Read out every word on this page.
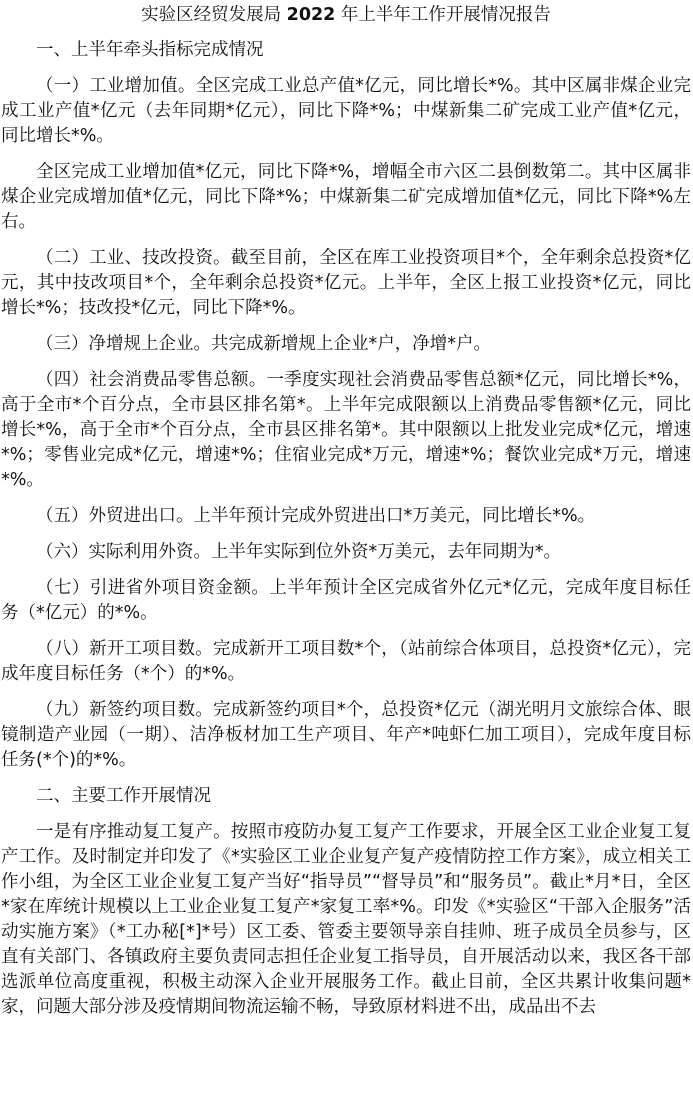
实验区经贸发展局 2022 年上半年工作开展情况报告
一、上半年牵头指标完成情况
（一）工业增加值。全区完成工业总产值*亿元，同比增长*%。其中区属非煤企业完成工业产值*亿元（去年同期*亿元），同比下降*%；中煤新集二矿完成工业产值*亿元，同比增长*%。
全区完成工业增加值*亿元，同比下降*%，增幅全市六区二县倒数第二。其中区属非煤企业完成增加值*亿元，同比下降*%；中煤新集二矿完成增加值*亿元，同比下降*%左右。
（二）工业、技改投资。截至目前，全区在库工业投资项目*个，全年剩余总投资*亿元，其中技改项目*个，全年剩余总投资*亿元。上半年，全区上报工业投资*亿元，同比增长*%；技改投*亿元，同比下降*%。
（三）净增规上企业。共完成新增规上企业*户，净增*户。
（四）社会消费品零售总额。一季度实现社会消费品零售总额*亿元，同比增长*%，高于全市*个百分点，全市县区排名第*。上半年完成限额以上消费品零售额*亿元，同比增长*%，高于全市*个百分点，全市县区排名第*。其中限额以上批发业完成*亿元，增速*%；零售业完成*亿元，增速*%；住宿业完成*万元，增速*%；餐饮业完成*万元，增速*%。
（五）外贸进出口。上半年预计完成外贸进出口*万美元，同比增长*%。
（六）实际利用外资。上半年实际到位外资*万美元，去年同期为*。
（七）引进省外项目资金额。上半年预计全区完成省外亿元*亿元，完成年度目标任务（*亿元）的*%。
（八）新开工项目数。完成新开工项目数*个，（站前综合体项目，总投资*亿元），完成年度目标任务（*个）的*%。
（九）新签约项目数。完成新签约项目*个，总投资*亿元（湖光明月文旅综合体、眼镜制造产业园（一期）、洁净板材加工生产项目、年产*吨虾仁加工项目），完成年度目标任务(*个)的*%。
二、主要工作开展情况
一是有序推动复工复产。按照市疫防办复工复产工作要求，开展全区工业企业复工复产工作。及时制定并印发了《*实验区工业企业复产复产疫情防控工作方案》，成立相关工作小组，为全区工业企业复工复产当好“指导员”“督导员”和“服务员”。截止*月*日，全区*家在库统计规模以上工业企业复工复产*家复工率*%。印发《*实验区“干部入企服务”活动实施方案》（*工办秘[*]*号）区工委、管委主要领导亲自挂帅、班子成员全员参与，区直有关部门、各镇政府主要负责同志担任企业复工指导员，自开展活动以来，我区各干部选派单位高度重视，积极主动深入企业开展服务工作。截止目前，全区共累计收集问题*家，问题大部分涉及疫情期间物流运输不畅，导致原材料进不出，成品出不去
